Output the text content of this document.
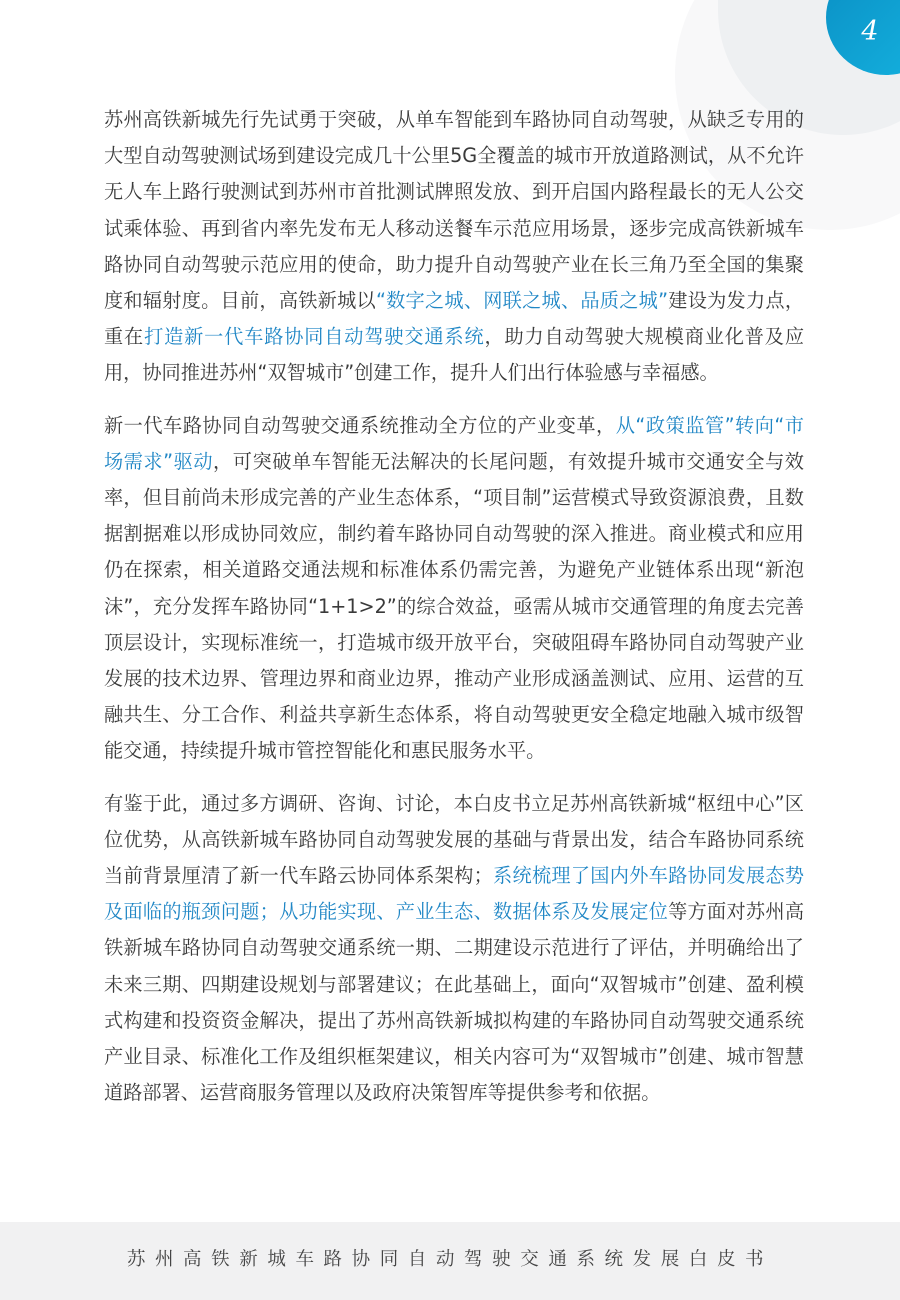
4

苏州高铁新城先行先试勇于突破，从单车智能到车路协同自动驾驶，从缺乏专用的大型自动驾驶测试场到建设完成几十公里5G全覆盖的城市开放道路测试，从不允许无人车上路行驶测试到苏州市首批测试牌照发放、到开启国内路程最长的无人公交试乘体验、再到省内率先发布无人移动送餐车示范应用场景，逐步完成高铁新城车路协同自动驾驶示范应用的使命，助力提升自动驾驶产业在长三角乃至全国的集聚度和辐射度。目前，高铁新城以“数字之城、网联之城、品质之城”建设为发力点，重在打造新一代车路协同自动驾驶交通系统，助力自动驾驶大规模商业化普及应用，协同推进苏州“双智城市”创建工作，提升人们出行体验感与幸福感。

新一代车路协同自动驾驶交通系统推动全方位的产业变革，从“政策监管”转向“市场需求”驱动，可突破单车智能无法解决的长尾问题，有效提升城市交通安全与效率，但目前尚未形成完善的产业生态体系，“项目制”运营模式导致资源浪费，且数据割据难以形成协同效应，制约着车路协同自动驾驶的深入推进。商业模式和应用仍在探索，相关道路交通法规和标准体系仍需完善，为避免产业链体系出现“新泡沫”，充分发挥车路协同“1+1>2”的综合效益，亟需从城市交通管理的角度去完善顶层设计，实现标准统一，打造城市级开放平台，突破阻碍车路协同自动驾驶产业发展的技术边界、管理边界和商业边界，推动产业形成涵盖测试、应用、运营的互融共生、分工合作、利益共享新生态体系，将自动驾驶更安全稳定地融入城市级智能交通，持续提升城市管控智能化和惠民服务水平。

有鉴于此，通过多方调研、咨询、讨论，本白皮书立足苏州高铁新城“枢纽中心”区位优势，从高铁新城车路协同自动驾驶发展的基础与背景出发，结合车路协同系统当前背景厘清了新一代车路云协同体系架构；系统梳理了国内外车路协同发展态势及面临的瓶颈问题；从功能实现、产业生态、数据体系及发展定位等方面对苏州高铁新城车路协同自动驾驶交通系统一期、二期建设示范进行了评估，并明确给出了未来三期、四期建设规划与部署建议；在此基础上，面向“双智城市”创建、盈利模式构建和投资资金解决，提出了苏州高铁新城拟构建的车路协同自动驾驶交通系统产业目录、标准化工作及组织框架建议，相关内容可为“双智城市”创建、城市智慧道路部署、运营商服务管理以及政府决策智库等提供参考和依据。

苏州高铁新城车路协同自动驾驶交通系统发展白皮书
